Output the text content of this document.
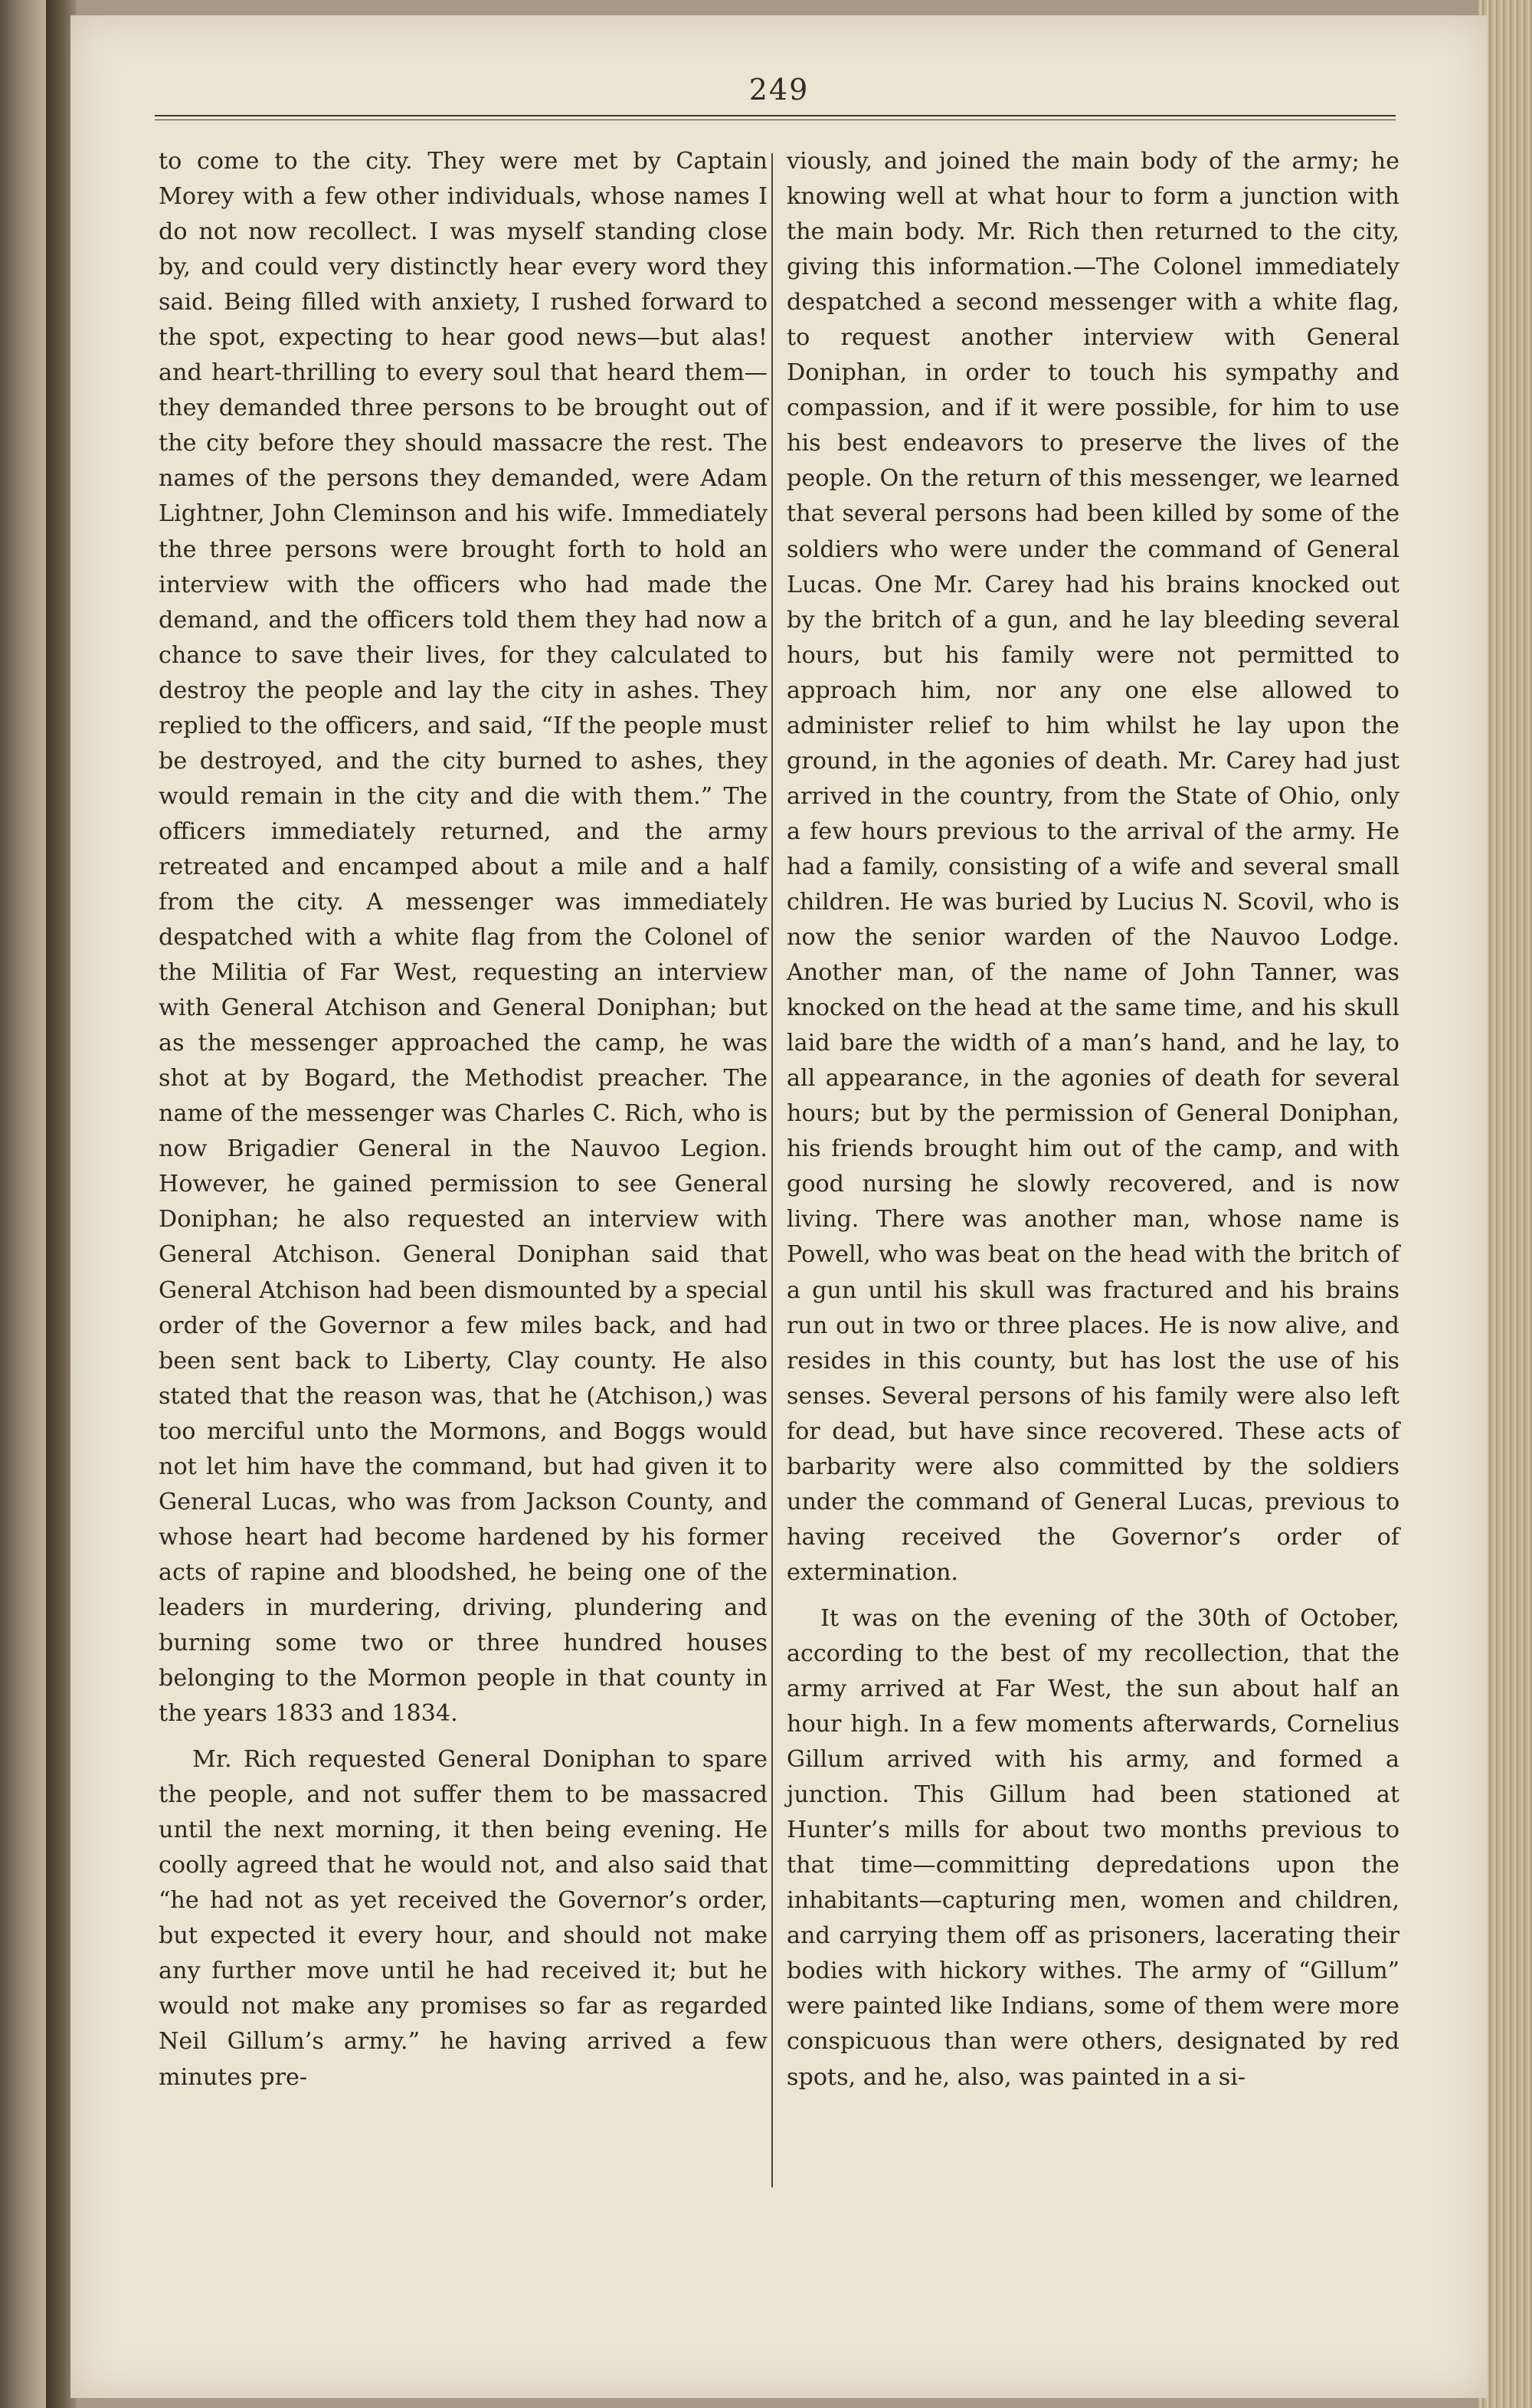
249

to come to the city. They were met by Captain Morey with a few other individuals, whose names I do not now recollect. I was myself standing close by, and could very distinctly hear every word they said. Being filled with anxiety, I rushed forward to the spot, expecting to hear good news—but alas! and heart-thrilling to every soul that heard them—they demanded three persons to be brought out of the city before they should massacre the rest. The names of the persons they demanded, were Adam Lightner, John Cleminson and his wife. Immediately the three persons were brought forth to hold an interview with the officers who had made the demand, and the officers told them they had now a chance to save their lives, for they calculated to destroy the people and lay the city in ashes. They replied to the officers, and said, “If the people must be destroyed, and the city burned to ashes, they would remain in the city and die with them.” The officers immediately returned, and the army retreated and encamped about a mile and a half from the city. A messenger was immediately despatched with a white flag from the Colonel of the Militia of Far West, requesting an interview with General Atchison and General Doniphan; but as the messenger approached the camp, he was shot at by Bogard, the Methodist preacher. The name of the messenger was Charles C. Rich, who is now Brigadier General in the Nauvoo Legion. However, he gained permission to see General Doniphan; he also requested an interview with General Atchison. General Doniphan said that General Atchison had been dismounted by a special order of the Governor a few miles back, and had been sent back to Liberty, Clay county. He also stated that the reason was, that he (Atchison,) was too merciful unto the Mormons, and Boggs would not let him have the command, but had given it to General Lucas, who was from Jackson County, and whose heart had become hardened by his former acts of rapine and bloodshed, he being one of the leaders in murdering, driving, plundering and burning some two or three hundred houses belonging to the Mormon people in that county in the years 1833 and 1834.

Mr. Rich requested General Doniphan to spare the people, and not suffer them to be massacred until the next morning, it then being evening. He coolly agreed that he would not, and also said that “he had not as yet received the Governor’s order, but expected it every hour, and should not make any further move until he had received it; but he would not make any promises so far as regarded Neil Gillum’s army.” he having arrived a few minutes pre-

viously, and joined the main body of the army; he knowing well at what hour to form a junction with the main body. Mr. Rich then returned to the city, giving this information.—The Colonel immediately despatched a second messenger with a white flag, to request another interview with General Doniphan, in order to touch his sympathy and compassion, and if it were possible, for him to use his best endeavors to preserve the lives of the people. On the return of this messenger, we learned that several persons had been killed by some of the soldiers who were under the command of General Lucas. One Mr. Carey had his brains knocked out by the britch of a gun, and he lay bleeding several hours, but his family were not permitted to approach him, nor any one else allowed to administer relief to him whilst he lay upon the ground, in the agonies of death. Mr. Carey had just arrived in the country, from the State of Ohio, only a few hours previous to the arrival of the army. He had a family, consisting of a wife and several small children. He was buried by Lucius N. Scovil, who is now the senior warden of the Nauvoo Lodge. Another man, of the name of John Tanner, was knocked on the head at the same time, and his skull laid bare the width of a man’s hand, and he lay, to all appearance, in the agonies of death for several hours; but by the permission of General Doniphan, his friends brought him out of the camp, and with good nursing he slowly recovered, and is now living. There was another man, whose name is Powell, who was beat on the head with the britch of a gun until his skull was fractured and his brains run out in two or three places. He is now alive, and resides in this county, but has lost the use of his senses. Several persons of his family were also left for dead, but have since recovered. These acts of barbarity were also committed by the soldiers under the command of General Lucas, previous to having received the Governor’s order of extermination.

It was on the evening of the 30th of October, according to the best of my recollection, that the army arrived at Far West, the sun about half an hour high. In a few moments afterwards, Cornelius Gillum arrived with his army, and formed a junction. This Gillum had been stationed at Hunter’s mills for about two months previous to that time—committing depredations upon the inhabitants—capturing men, women and children, and carrying them off as prisoners, lacerating their bodies with hickory withes. The army of “Gillum” were painted like Indians, some of them were more conspicuous than were others, designated by red spots, and he, also, was painted in a si-
